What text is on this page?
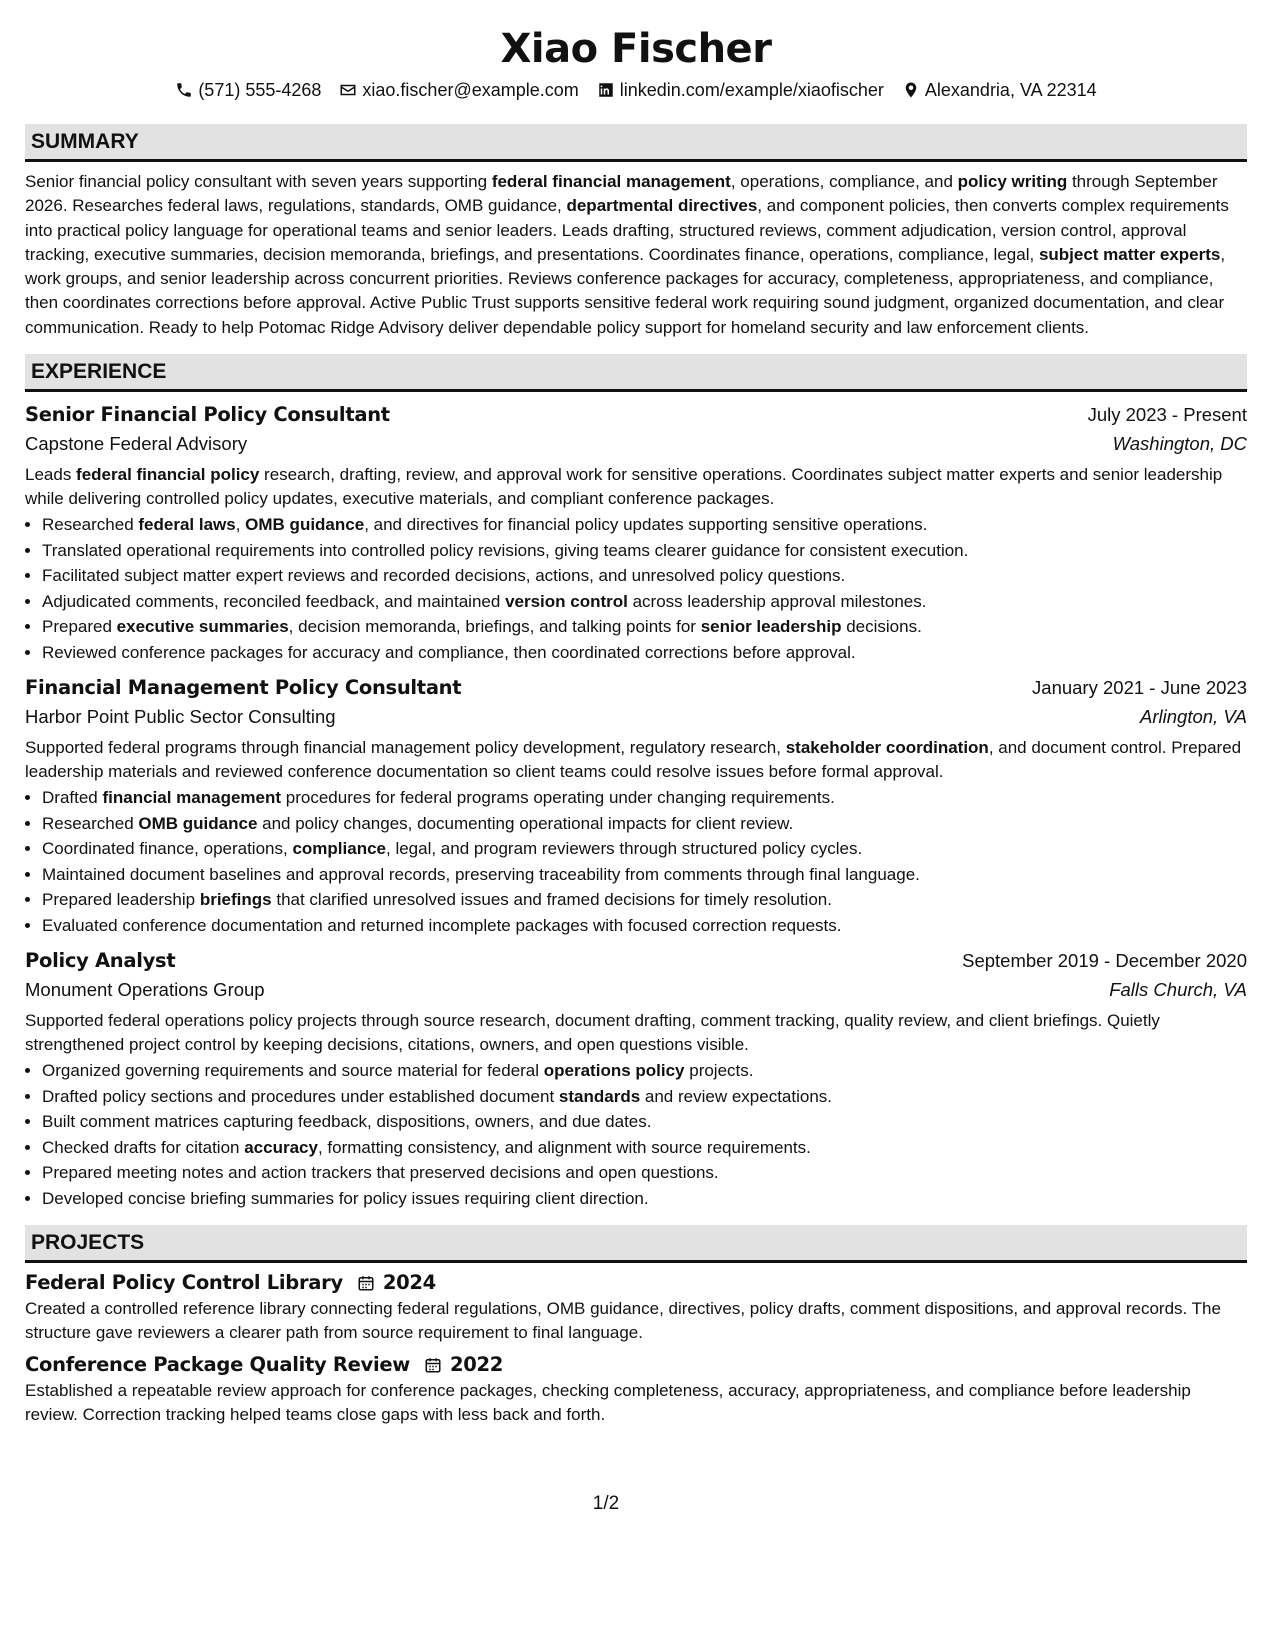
Xiao Fischer
(571) 555-4268 xiao.fischer@example.com linkedin.com/example/xiaofischer Alexandria, VA 22314
SUMMARY

Senior financial policy consultant with seven years supporting federal financial management, operations, compliance, and policy writing through September 2026. Researches federal laws, regulations, standards, OMB guidance, departmental directives, and component policies, then converts complex requirements into practical policy language for operational teams and senior leaders. Leads drafting, structured reviews, comment adjudication, version control, approval tracking, executive summaries, decision memoranda, briefings, and presentations. Coordinates finance, operations, compliance, legal, subject matter experts, work groups, and senior leadership across concurrent priorities. Reviews conference packages for accuracy, completeness, appropriateness, and compliance, then coordinates corrections before approval. Active Public Trust supports sensitive federal work requiring sound judgment, organized documentation, and clear communication. Ready to help Potomac Ridge Advisory deliver dependable policy support for homeland security and law enforcement clients.

EXPERIENCE
Senior Financial Policy Consultant	July 2023 - Present
Capstone Federal Advisory	Washington, DC
Leads federal financial policy research, drafting, review, and approval work for sensitive operations. Coordinates subject matter experts and senior leadership while delivering controlled policy updates, executive materials, and compliant conference packages.
• Researched federal laws, OMB guidance, and directives for financial policy updates supporting sensitive operations.
• Translated operational requirements into controlled policy revisions, giving teams clearer guidance for consistent execution.
• Facilitated subject matter expert reviews and recorded decisions, actions, and unresolved policy questions.
• Adjudicated comments, reconciled feedback, and maintained version control across leadership approval milestones.
• Prepared executive summaries, decision memoranda, briefings, and talking points for senior leadership decisions.
• Reviewed conference packages for accuracy and compliance, then coordinated corrections before approval.
Financial Management Policy Consultant	January 2021 - June 2023
Harbor Point Public Sector Consulting	Arlington, VA
Supported federal programs through financial management policy development, regulatory research, stakeholder coordination, and document control. Prepared leadership materials and reviewed conference documentation so client teams could resolve issues before formal approval.
• Drafted financial management procedures for federal programs operating under changing requirements.
• Researched OMB guidance and policy changes, documenting operational impacts for client review.
• Coordinated finance, operations, compliance, legal, and program reviewers through structured policy cycles.
• Maintained document baselines and approval records, preserving traceability from comments through final language.
• Prepared leadership briefings that clarified unresolved issues and framed decisions for timely resolution.
• Evaluated conference documentation and returned incomplete packages with focused correction requests.
Policy Analyst	September 2019 - December 2020
Monument Operations Group	Falls Church, VA
Supported federal operations policy projects through source research, document drafting, comment tracking, quality review, and client briefings. Quietly strengthened project control by keeping decisions, citations, owners, and open questions visible.
• Organized governing requirements and source material for federal operations policy projects.
• Drafted policy sections and procedures under established document standards and review expectations.
• Built comment matrices capturing feedback, dispositions, owners, and due dates.
• Checked drafts for citation accuracy, formatting consistency, and alignment with source requirements.
• Prepared meeting notes and action trackers that preserved decisions and open questions.
• Developed concise briefing summaries for policy issues requiring client direction.
PROJECTS
Federal Policy Control Library 2024
Created a controlled reference library connecting federal regulations, OMB guidance, directives, policy drafts, comment dispositions, and approval records. The structure gave reviewers a clearer path from source requirement to final language.
Conference Package Quality Review 2022
Established a repeatable review approach for conference packages, checking completeness, accuracy, appropriateness, and compliance before leadership review. Correction tracking helped teams close gaps with less back and forth.
1/2
